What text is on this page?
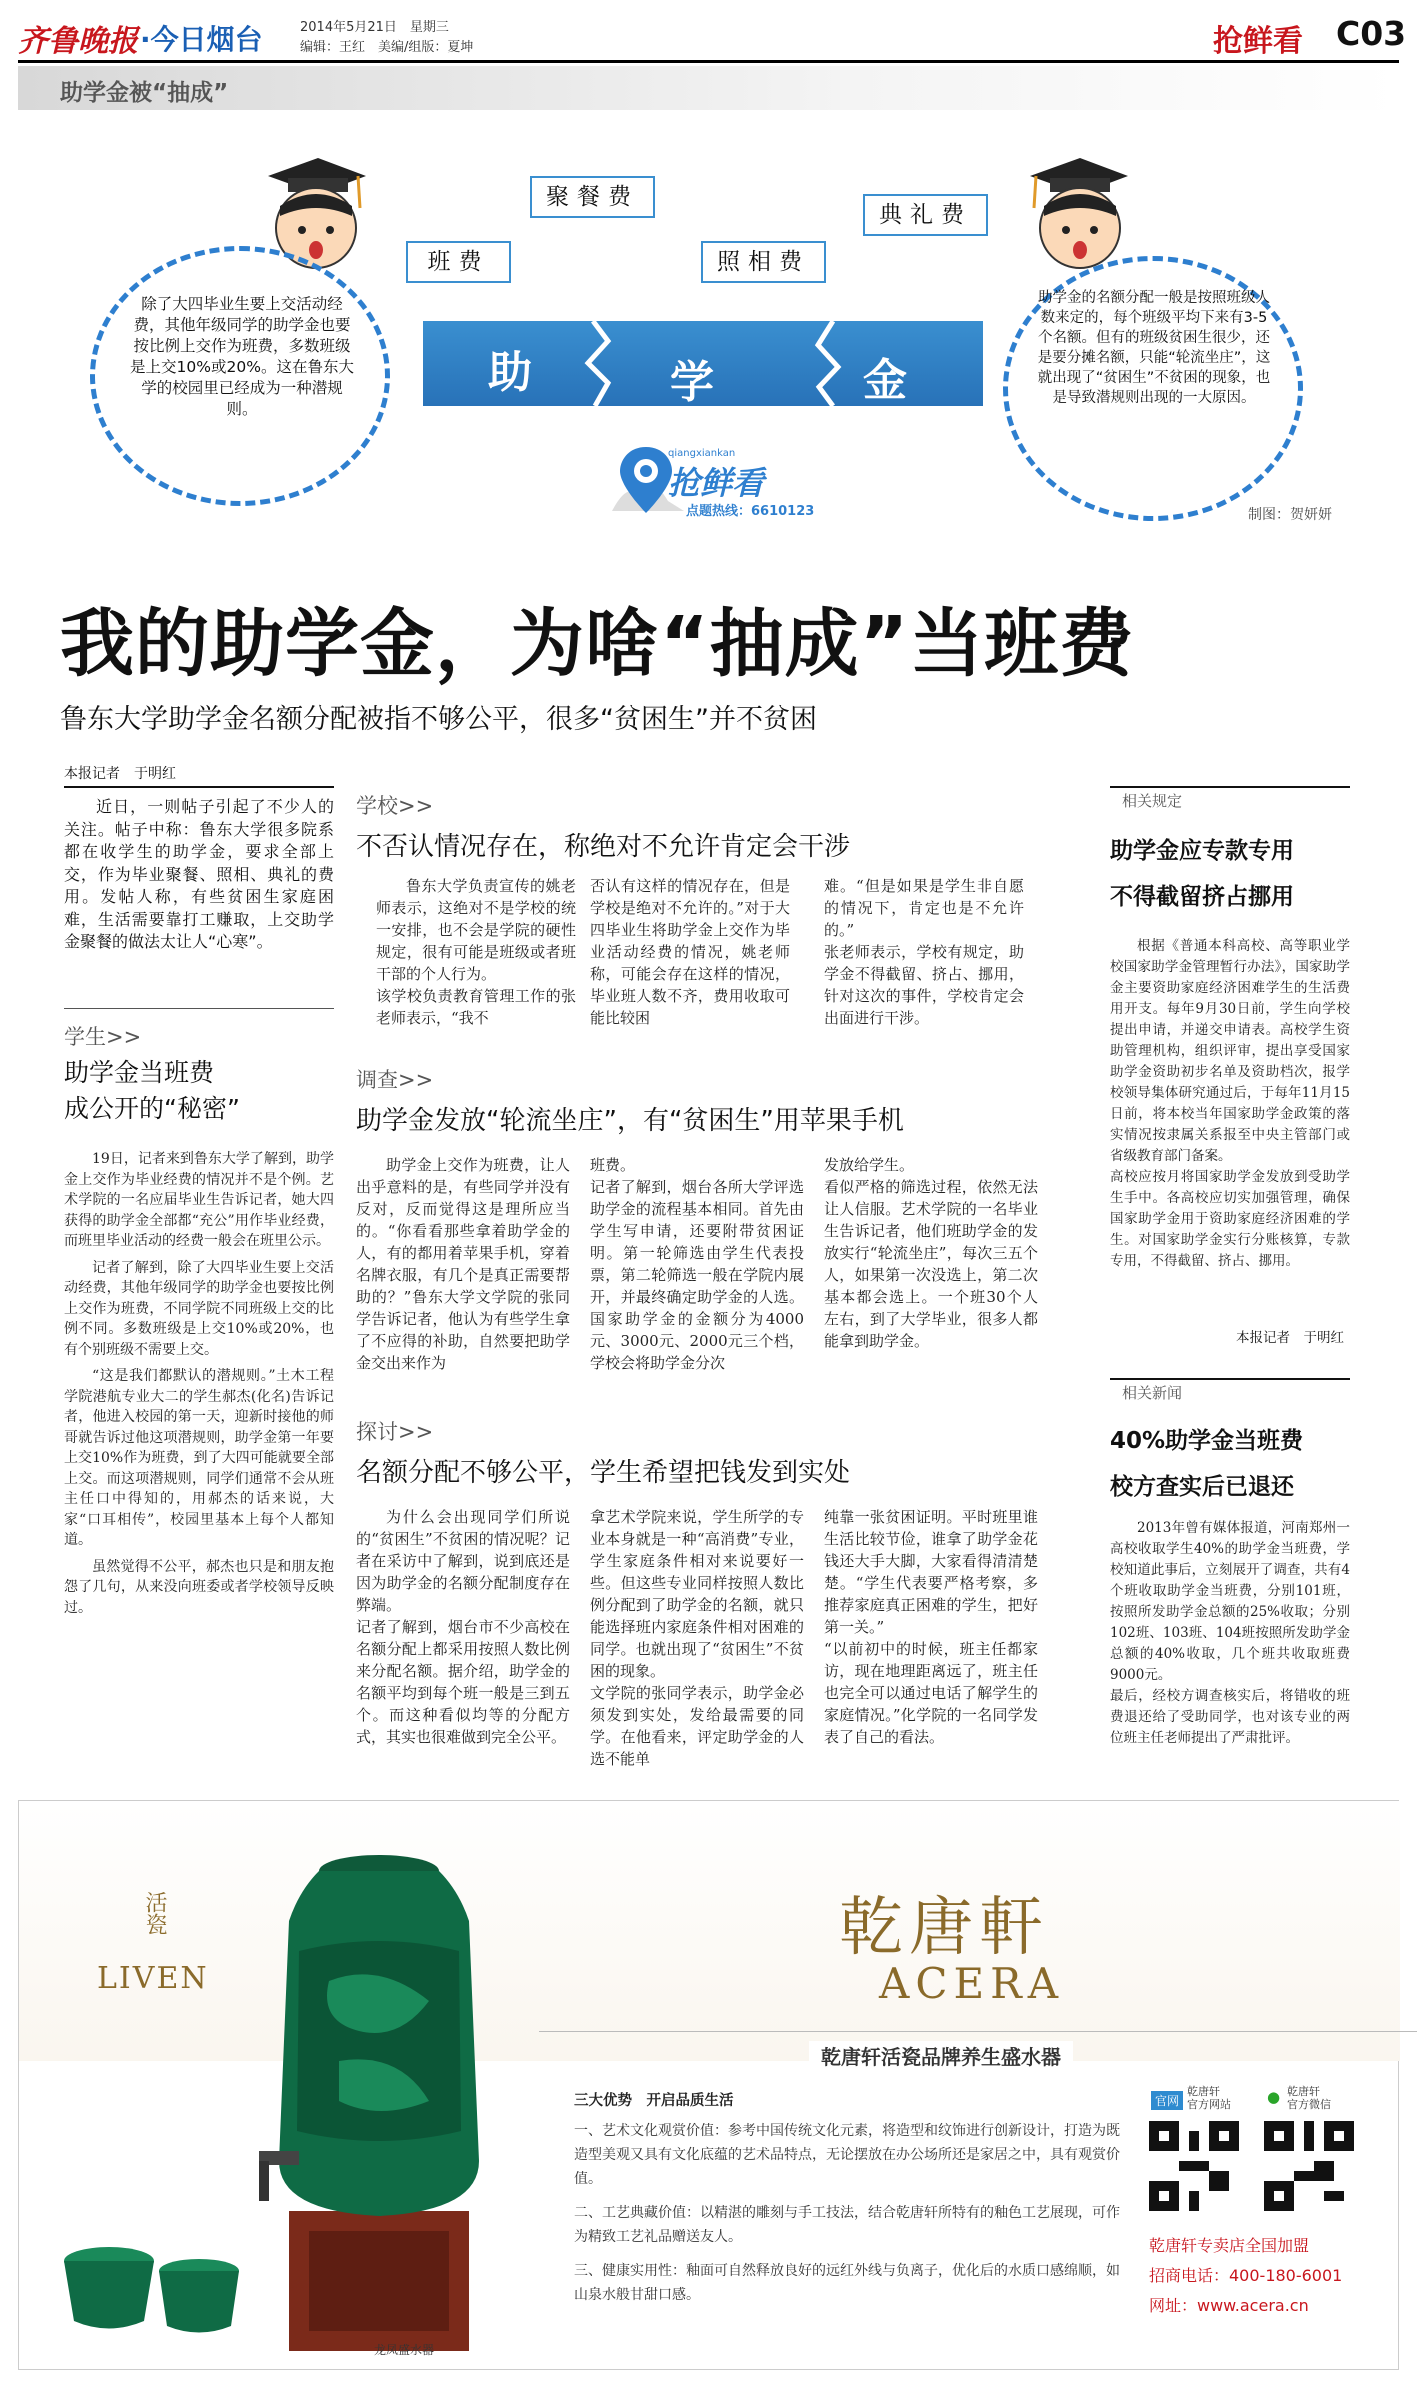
齐鲁晚报 ·今日烟台	2014年5月21日　星期三
编辑：王红　美编/组版：夏坤	抢鲜看 C03
助学金被“抽成”
班费
聚餐费
照相费
典礼费
助	学	金
除了大四毕业生要上交活动经费，其他年级同学的助学金也要按比例上交作为班费，多数班级是上交10%或20%。这在鲁东大学的校园里已经成为一种潜规则。
助学金的名额分配一般是按照班级人数来定的，每个班级平均下来有3-5个名额。但有的班级贫困生很少，还是要分摊名额，只能“轮流坐庄”，这就出现了“贫困生”不贫困的现象，也是导致潜规则出现的一大原因。
qiangxiankan
抢鲜看
点题热线：6610123	制图：贺妍妍
我的助学金，为啥“抽成”当班费
鲁东大学助学金名额分配被指不够公平，很多“贫困生”并不贫困
本报记者　于明红
近日，一则帖子引起了不少人的关注。帖子中称：鲁东大学很多院系都在收学生的助学金，要求全部上交，作为毕业聚餐、照相、典礼的费用。发帖人称，有些贫困生家庭困难，生活需要靠打工赚取，上交助学金聚餐的做法太让人“心寒”。
学生>>
助学金当班费
成公开的“秘密”

19日，记者来到鲁东大学了解到，助学金上交作为毕业经费的情况并不是个例。艺术学院的一名应届毕业生告诉记者，她大四获得的助学金全部都“充公”用作毕业经费，而班里毕业活动的经费一般会在班里公示。

记者了解到，除了大四毕业生要上交活动经费，其他年级同学的助学金也要按比例上交作为班费，不同学院不同班级上交的比例不同。多数班级是上交10%或20%，也有个别班级不需要上交。

“这是我们都默认的潜规则。”土木工程学院港航专业大二的学生郝杰(化名)告诉记者，他进入校园的第一天，迎新时接他的师哥就告诉过他这项潜规则，助学金第一年要上交10%作为班费，到了大四可能就要全部上交。而这项潜规则，同学们通常不会从班主任口中得知的，用郝杰的话来说，大家“口耳相传”，校园里基本上每个人都知道。

虽然觉得不公平，郝杰也只是和朋友抱怨了几句，从来没向班委或者学校领导反映过。

学校>>
不否认情况存在，称绝对不允许肯定会干涉
鲁东大学负责宣传的姚老师表示，这绝对不是学校的统一安排，也不会是学院的硬性规定，很有可能是班级或者班干部的个人行为。
该学校负责教育管理工作的张老师表示，“我不
否认有这样的情况存在，但是学校是绝对不允许的。”对于大四毕业生将助学金上交作为毕业活动经费的情况，姚老师称，可能会存在这样的情况，毕业班人数不齐，费用收取可能比较困
难。“但是如果是学生非自愿的情况下，肯定也是不允许的。”
张老师表示，学校有规定，助学金不得截留、挤占、挪用，针对这次的事件，学校肯定会出面进行干涉。
调查>>
助学金发放“轮流坐庄”，有“贫困生”用苹果手机
助学金上交作为班费，让人出乎意料的是，有些同学并没有反对，反而觉得这是理所应当的。“你看看那些拿着助学金的人，有的都用着苹果手机，穿着名牌衣服，有几个是真正需要帮助的？”鲁东大学文学院的张同学告诉记者，他认为有些学生拿了不应得的补助，自然要把助学金交出来作为
班费。
记者了解到，烟台各所大学评选助学金的流程基本相同。首先由学生写申请，还要附带贫困证明。第一轮筛选由学生代表投票，第二轮筛选一般在学院内展开，并最终确定助学金的人选。国家助学金的金额分为4000元、3000元、2000元三个档，学校会将助学金分次
发放给学生。
看似严格的筛选过程，依然无法让人信服。艺术学院的一名毕业生告诉记者，他们班助学金的发放实行“轮流坐庄”，每次三五个人，如果第一次没选上，第二次基本都会选上。一个班30个人左右，到了大学毕业，很多人都能拿到助学金。
探讨>>
名额分配不够公平，学生希望把钱发到实处
为什么会出现同学们所说的“贫困生”不贫困的情况呢？记者在采访中了解到，说到底还是因为助学金的名额分配制度存在弊端。
记者了解到，烟台市不少高校在名额分配上都采用按照人数比例来分配名额。据介绍，助学金的名额平均到每个班一般是三到五个。而这种看似均等的分配方式，其实也很难做到完全公平。
拿艺术学院来说，学生所学的专业本身就是一种“高消费”专业，学生家庭条件相对来说要好一些。但这些专业同样按照人数比例分配到了助学金的名额，就只能选择班内家庭条件相对困难的同学。也就出现了“贫困生”不贫困的现象。
文学院的张同学表示，助学金必须发到实处，发给最需要的同学。在他看来，评定助学金的人选不能单
纯靠一张贫困证明。平时班里谁生活比较节俭，谁拿了助学金花钱还大手大脚，大家看得清清楚楚。“学生代表要严格考察，多推荐家庭真正困难的学生，把好第一关。”
“以前初中的时候，班主任都家访，现在地理距离远了，班主任也完全可以通过电话了解学生的家庭情况。”化学院的一名同学发表了自己的看法。
相关规定
助学金应专款专用
不得截留挤占挪用
根据《普通本科高校、高等职业学校国家助学金管理暂行办法》，国家助学金主要资助家庭经济困难学生的生活费用开支。每年9月30日前，学生向学校提出申请，并递交申请表。高校学生资助管理机构，组织评审，提出享受国家助学金资助初步名单及资助档次，报学校领导集体研究通过后，于每年11月15日前，将本校当年国家助学金政策的落实情况按隶属关系报至中央主管部门或省级教育部门备案。
高校应按月将国家助学金发放到受助学生手中。各高校应切实加强管理，确保国家助学金用于资助家庭经济困难的学生。对国家助学金实行分账核算，专款专用，不得截留、挤占、挪用。
本报记者　于明红
相关新闻
40%助学金当班费
校方查实后已退还
2013年曾有媒体报道，河南郑州一高校收取学生40%的助学金当班费，学校知道此事后，立刻展开了调查，共有4个班收取助学金当班费，分别101班，按照所发助学金总额的25%收取；分别102班、103班、104班按照所发助学金总额的40%收取，几个班共收取班费9000元。
最后，经校方调查核实后，将错收的班费退还给了受助同学，也对该专业的两位班主任老师提出了严肃批评。
活瓷
LIVEN
龙凤盛水器
乾唐軒
ACERA
乾唐轩活瓷品牌养生盛水器
三大优势　开启品质生活
一、艺术文化观赏价值：参考中国传统文化元素，将造型和纹饰进行创新设计，打造为既造型美观又具有文化底蕴的艺术品特点，无论摆放在办公场所还是家居之中，具有观赏价值。
二、工艺典藏价值：以精湛的雕刻与手工技法，结合乾唐轩所特有的釉色工艺展现，可作为精致工艺礼品赠送友人。
三、健康实用性：釉面可自然释放良好的远红外线与负离子，优化后的水质口感绵顺，如山泉水般甘甜口感。
官网
乾唐轩
官方网站 ● 乾唐轩
官方微信
乾唐轩专卖店全国加盟
招商电话：400-180-6001
网址：www.acera.cn
